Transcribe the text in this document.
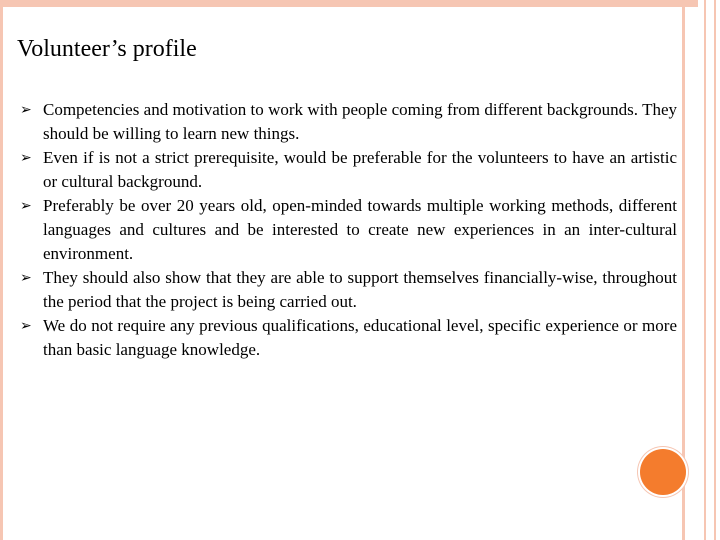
Volunteer’s profile
➢ Competencies and motivation to work with people coming from different backgrounds. They should be willing to learn new things.
➢ Even if is not a strict prerequisite, would be preferable for the volunteers to have an artistic or cultural background.
➢ Preferably be over 20 years old, open-minded towards multiple working methods, different languages and cultures and be interested to create new experiences in an inter-cultural environment.
➢ They should also show that they are able to support themselves financially-wise, throughout the period that the project is being carried out.
➢ We do not require any previous qualifications, educational level, specific experience or more than basic language knowledge.
